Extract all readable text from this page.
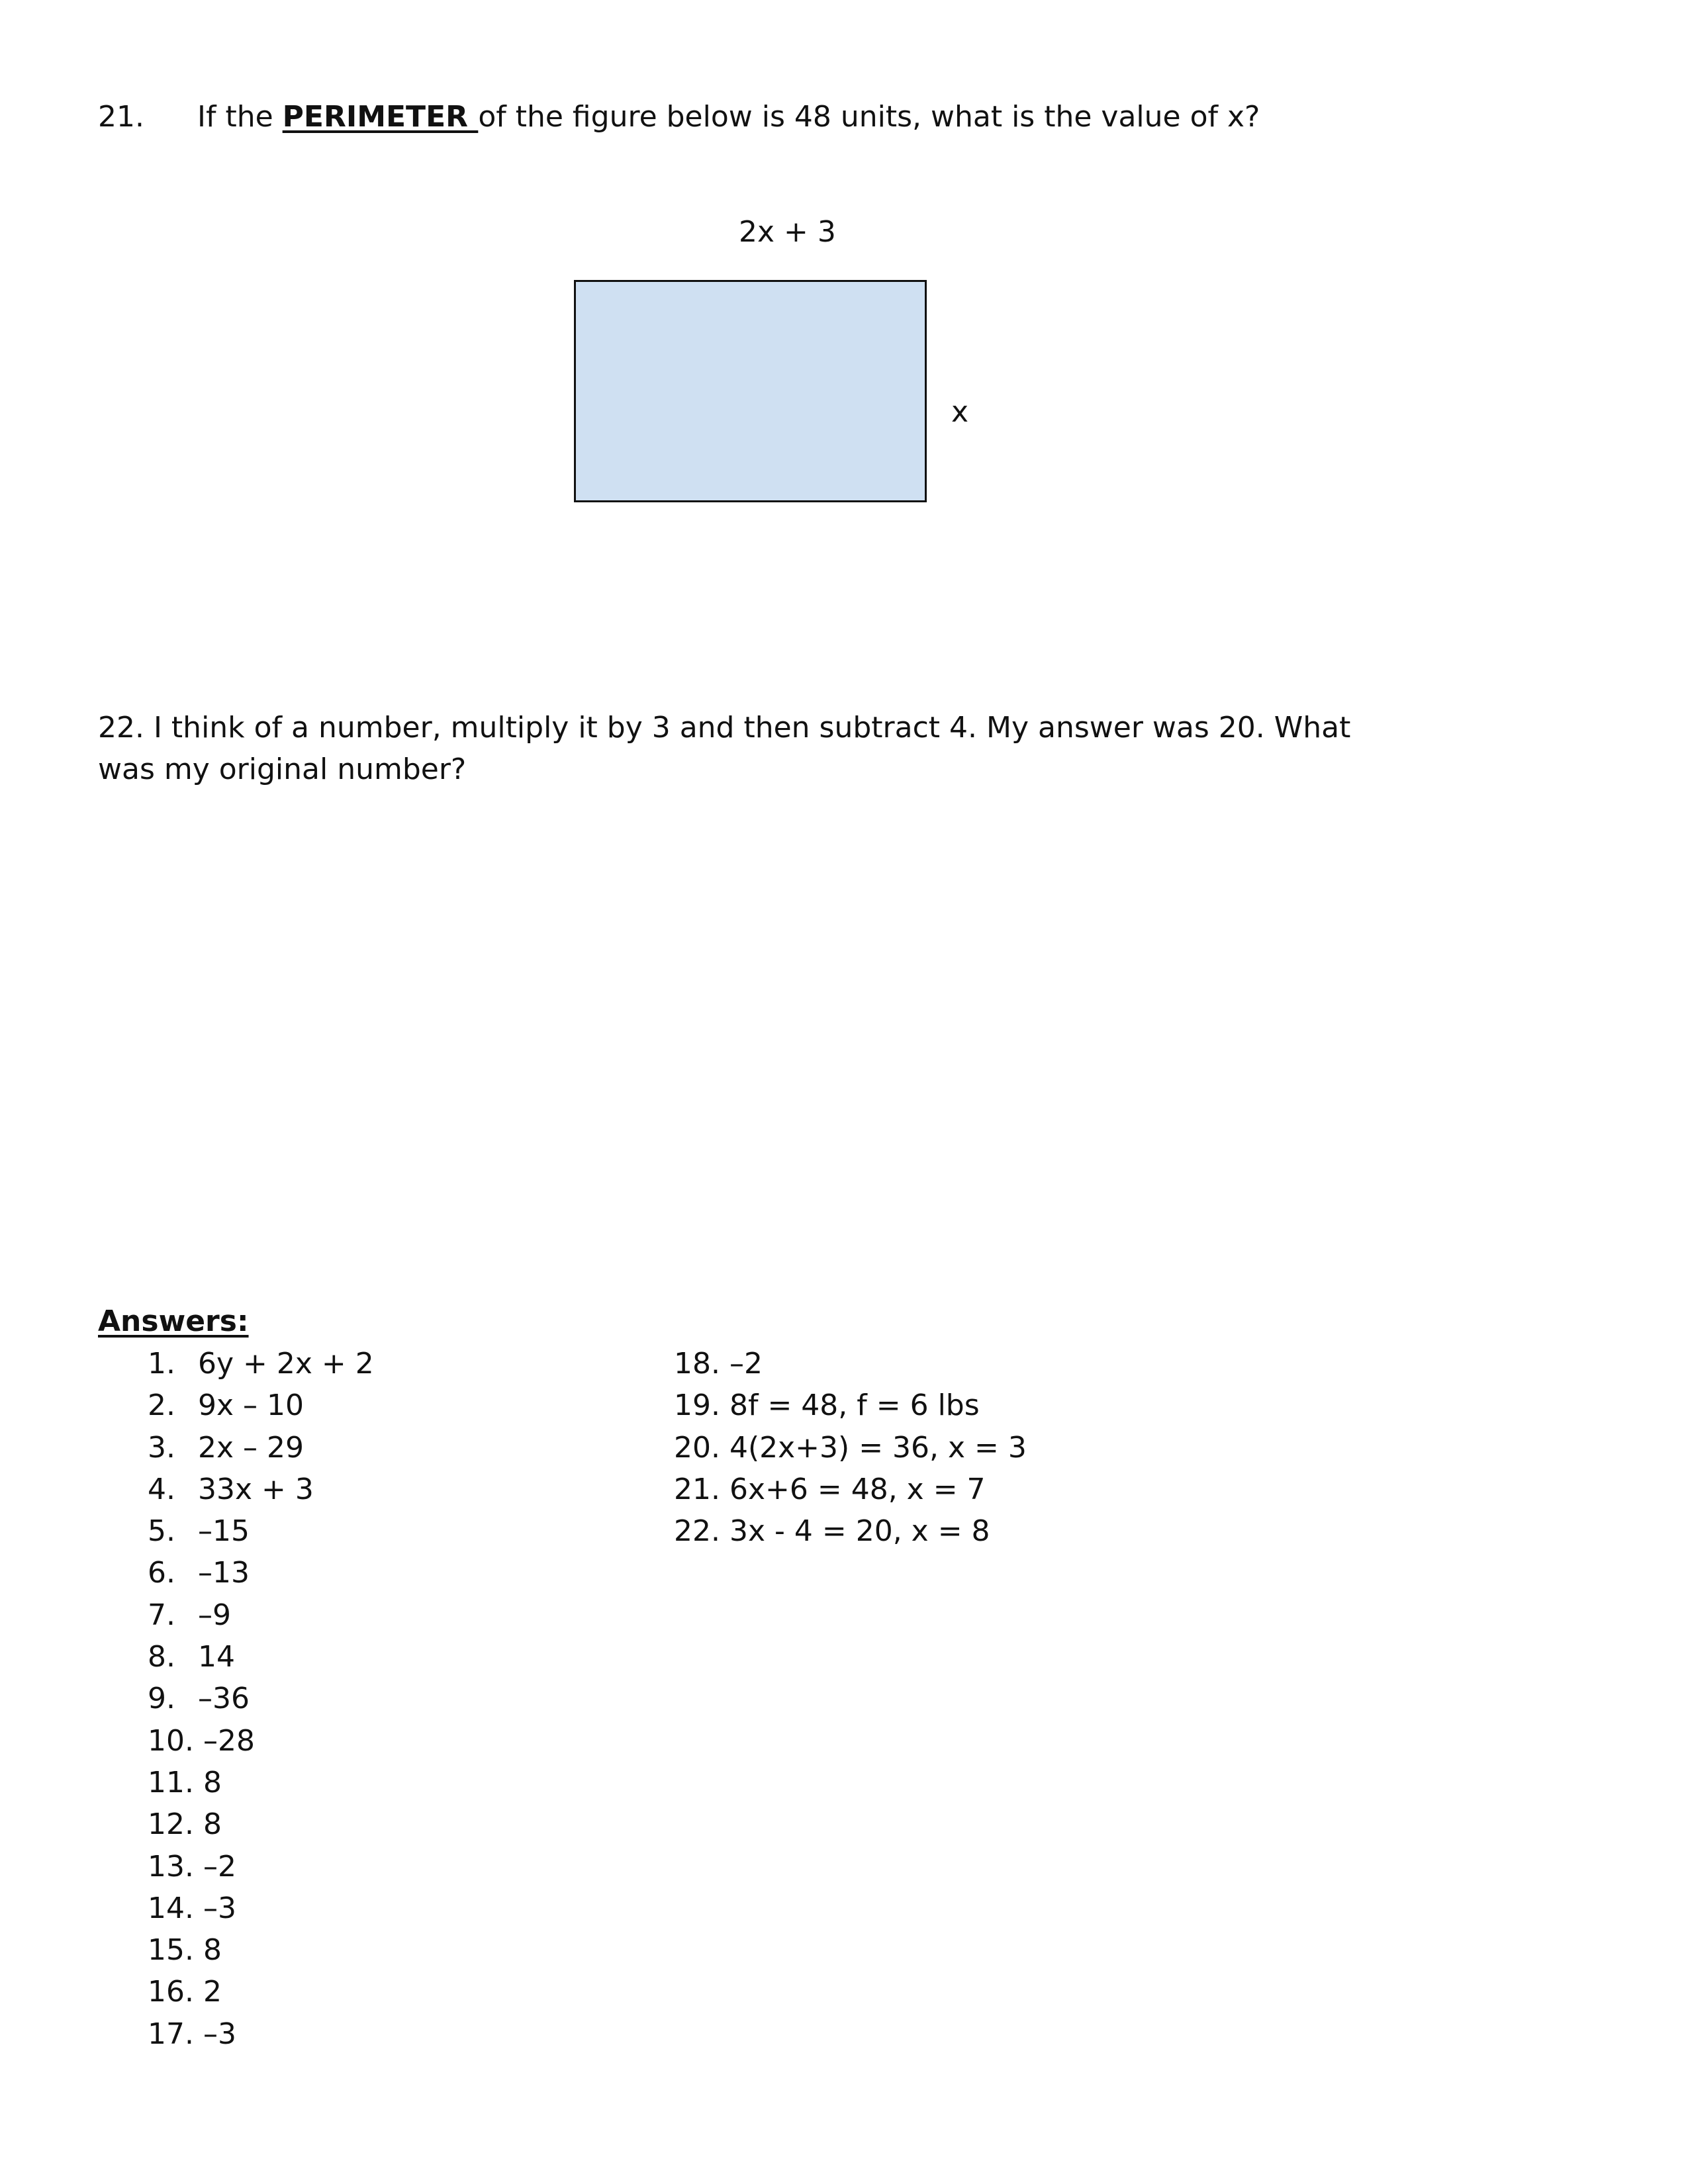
21. If the PERIMETER of the figure below is 48 units, what is the value of x?
2x + 3
x
22. I think of a number, multiply it by 3 and then subtract 4. My answer was 20. What was my original number?
Answers:
1. 6y + 2x + 2
2. 9x – 10
3. 2x – 29
4. 33x + 3
5. –15
6. –13
7. –9
8. 14
9. –36
10. –28
11. 8
12. 8
13. –2
14. –3
15. 8
16. 2
17. –3
18. –2
19. 8f = 48, f = 6 lbs
20. 4(2x+3) = 36, x = 3
21. 6x+6 = 48, x = 7
22. 3x - 4 = 20, x = 8
